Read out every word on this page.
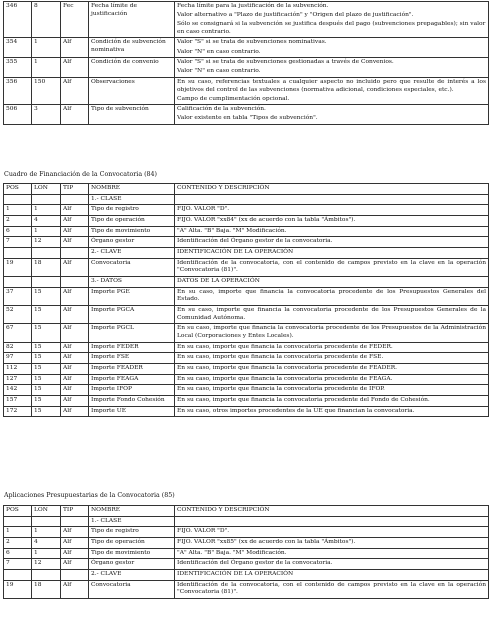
346	8	Fec	Fecha límite de justificación	Fecha límite para la justificación de la subvención.

Valor alternativo a "Plazo de justificación" y "Origen del plazo de justificación".

Sólo se consignará si la subvención se justifica después del pago (subvenciones prepagables); sin valor en caso contrario.

354	1	Alf	Condición de subvención nominativa	Valor "S" si se trata de subvenciones nominativas.

Valor "N" en caso contrario.

355	1	Alf	Condición de convenio	Valor "S" si se trata de subvenciones gestionadas a través de Convenios.

Valor "N" en caso contrario.

356	150	Alf	Observaciones	En su caso, referencias textuales a cualquier aspecto no incluido pero que resulte de interés a los objetivos del control de las subvenciones (normativa adicional, condiciones especiales, etc.).

Campo de cumplimentación opcional.

506	3	Alf	Tipo de subvención	Calificación de la subvención.

Valor existente en tabla "Tipos de subvención".

Cuadro de Financiación de la Convocatoria (84)
POS	LON	TIP	NOMBRE	CONTENIDO Y DESCRIPCIÓN
			1.- CLASE	
1	1	Alf	Tipo de registro	FIJO. VALOR "D".
2	4	Alf	Tipo de operación	FIJO. VALOR "xx84" (xx de acuerdo con la tabla "Ámbitos").
6	1	Alf	Tipo de movimiento	"A" Alta. "B" Baja. "M" Modificación.
7	12	Alf	Órgano gestor	Identificación del Órgano gestor de la convocatoria.
			2.- CLAVE	IDENTIFICACIÓN DE LA OPERACIÓN
19	18	Alf	Convocatoria	Identificación de la convocatoria, con el contenido de campos previsto en la clave en la operación "Convocatoria (81)".
			3.- DATOS	DATOS DE LA OPERACIÓN
37	15	Alf	Importe PGE	En su caso, importe que financia la convocatoria procedente de los Presupuestos Generales del Estado.
52	15	Alf	Importe PGCA	En su caso, importe que financia la convocatoria procedente de los Presupuestos Generales de la Comunidad Autónoma.
67	15	Alf	Importe PGCL	En su caso, importe que financia la convocatoria procedente de los Presupuestos de la Administración Local (Corporaciones y Entes Locales).
82	15	Alf	Importe FEDER	En su caso, importe que financia la convocatoria procedente de FEDER.
97	15	Alf	Importe FSE	En su caso, importe que financia la convocatoria procedente de FSE.
112	15	Alf	Importe FEADER	En su caso, importe que financia la convocatoria procedente de FEADER.
127	15	Alf	Importe FEAGA	En su caso, importe que financia la convocatoria procedente de FEAGA.
142	15	Alf	Importe IFOP	En su caso, importe que financia la convocatoria procedente de IFOP.
157	15	Alf	Importe Fondo Cohesión	En su caso, importe que financia la convocatoria procedente del Fondo de Cohesión.
172	15	Alf	Importe UE	En su caso, otros importes procedentes de la UE que financian la convocatoria.
Aplicaciones Presupuestarias de la Convocatoria (85)
POS	LON	TIP	NOMBRE	CONTENIDO Y DESCRIPCIÓN
			1.- CLASE	
1	1	Alf	Tipo de registro	FIJO. VALOR "D".
2	4	Alf	Tipo de operación	FIJO. VALOR "xx85" (xx de acuerdo con la tabla "Ámbitos").
6	1	Alf	Tipo de movimiento	"A" Alta. "B" Baja. "M" Modificación.
7	12	Alf	Órgano gestor	Identificación del Órgano gestor de la convocatoria.
			2.- CLAVE	IDENTIFICACIÓN DE LA OPERACIÓN
19	18	Alf	Convocatoria	Identificación de la convocatoria, con el contenido de campos previsto en la clave en la operación "Convocatoria (81)".
